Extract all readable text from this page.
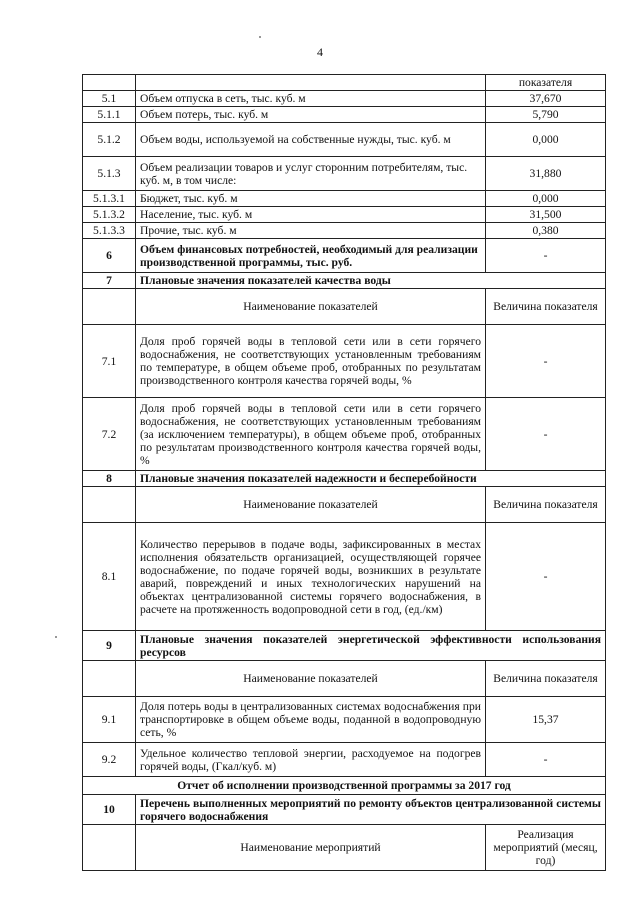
4
		показателя
5.1	Объем отпуска в сеть, тыс. куб. м	37,670
5.1.1	Объем потерь, тыс. куб. м	5,790
5.1.2	Объем воды, используемой на собственные нужды, тыс. куб. м	0,000
5.1.3	Объем реализации товаров и услуг сторонним потребителям, тыс. куб. м, в том числе:	31,880
5.1.3.1	Бюджет, тыс. куб. м	0,000
5.1.3.2	Население, тыс. куб. м	31,500
5.1.3.3	Прочие, тыс. куб. м	0,380
6	Объем финансовых потребностей, необходимый для реализации производственной программы, тыс. руб.	-
7	Плановые значения показателей качества воды	
	Наименование показателей	Величина показателя
7.1	Доля проб горячей воды в тепловой сети или в сети горячего водоснабжения, не соответствующих установленным требованиям по температуре, в общем объеме проб, отобранных по результатам производственного контроля качества горячей воды, %	-
7.2	Доля проб горячей воды в тепловой сети или в сети горячего водоснабжения, не соответствующих установленным требованиям (за исключением температуры), в общем объеме проб, отобранных по результатам производственного контроля качества горячей воды, %	-
8	Плановые значения показателей надежности и бесперебойности	
	Наименование показателей	Величина показателя
8.1	Количество перерывов в подаче воды, зафиксированных в местах исполнения обязательств организацией, осуществляющей горячее водоснабжение, по подаче горячей воды, возникших в результате аварий, повреждений и иных технологических нарушений на объектах централизованной системы горячего водоснабжения, в расчете на протяженность водопроводной сети в год, (ед./км)	-
9	Плановые значения показателей энергетической эффективности использования ресурсов	
	Наименование показателей	Величина показателя
9.1	Доля потерь воды в централизованных системах водоснабжения при транспортировке в общем объеме воды, поданной в водопроводную сеть, %	15,37
9.2	Удельное количество тепловой энергии, расходуемое на подогрев горячей воды, (Гкал/куб. м)	-
Отчет об исполнении производственной программы за 2017 год		
10	Перечень выполненных мероприятий по ремонту объектов централизованной системы горячего водоснабжения	
	Наименование мероприятий	Реализация мероприятий (месяц, год)
